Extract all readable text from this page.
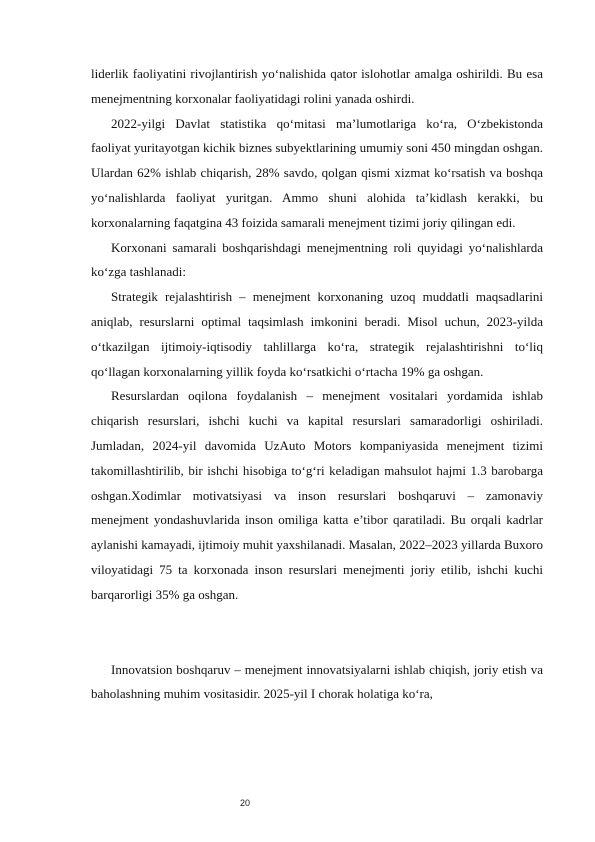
liderlik faoliyatini rivojlantirish yo‘nalishida qator islohotlar amalga oshirildi. Bu esa menejmentning korxonalar faoliyatidagi rolini yanada oshirdi.

2022-yilgi Davlat statistika qo‘mitasi ma’lumotlariga ko‘ra, O‘zbekistonda faoliyat yuritayotgan kichik biznes subyektlarining umumiy soni 450 mingdan oshgan. Ulardan 62% ishlab chiqarish, 28% savdo, qolgan qismi xizmat ko‘rsatish va boshqa yo‘nalishlarda faoliyat yuritgan. Ammo shuni alohida ta’kidlash kerakki, bu korxonalarning faqatgina 43 foizida samarali menejment tizimi joriy qilingan edi.

Korxonani samarali boshqarishdagi menejmentning roli quyidagi yo‘nalishlarda ko‘zga tashlanadi:

Strategik rejalashtirish – menejment korxonaning uzoq muddatli maqsadlarini aniqlab, resurslarni optimal taqsimlash imkonini beradi. Misol uchun, 2023-yilda o‘tkazilgan ijtimoiy-iqtisodiy tahlillarga ko‘ra, strategik rejalashtirishni to‘liq qo‘llagan korxonalarning yillik foyda ko‘rsatkichi o‘rtacha 19% ga oshgan.

Resurslardan oqilona foydalanish – menejment vositalari yordamida ishlab chiqarish resurslari, ishchi kuchi va kapital resurslari samaradorligi oshiriladi. Jumladan, 2024-yil davomida UzAuto Motors kompaniyasida menejment tizimi takomillashtirilib, bir ishchi hisobiga to‘g‘ri keladigan mahsulot hajmi 1.3 barobarga oshgan.Xodimlar motivatsiyasi va inson resurslari boshqaruvi – zamonaviy menejment yondashuvlarida inson omiliga katta e’tibor qaratiladi. Bu orqali kadrlar aylanishi kamayadi, ijtimoiy muhit yaxshilanadi. Masalan, 2022–2023 yillarda Buxoro viloyatidagi 75 ta korxonada inson resurslari menejmenti joriy etilib, ishchi kuchi barqarorligi 35% ga oshgan.

Innovatsion boshqaruv – menejment innovatsiyalarni ishlab chiqish, joriy etish va baholashning muhim vositasidir. 2025-yil I chorak holatiga ko‘ra,

20
